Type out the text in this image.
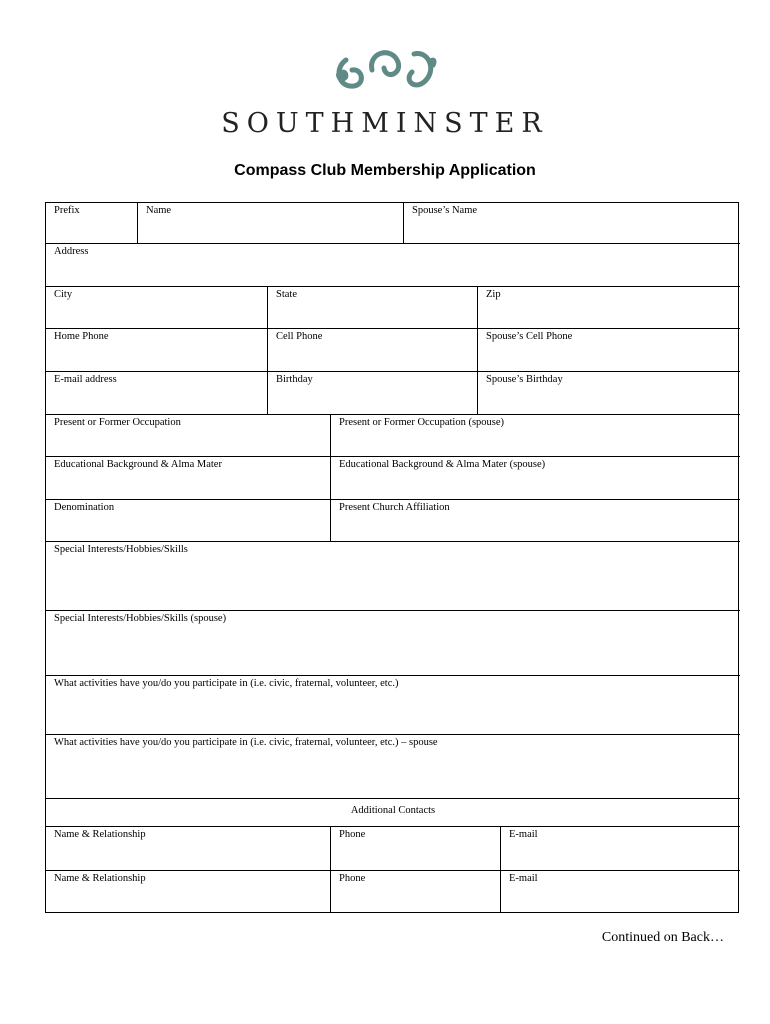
SOUTHMINSTER
Compass Club Membership Application
Prefix	Name	Spouse’s Name
Address
City	State	Zip
Home Phone	Cell Phone	Spouse’s Cell Phone
E-mail address	Birthday	Spouse’s Birthday
Present or Former Occupation	Present or Former Occupation (spouse)
Educational Background & Alma Mater	Educational Background & Alma Mater (spouse)
Denomination	Present Church Affiliation
Special Interests/Hobbies/Skills
Special Interests/Hobbies/Skills (spouse)
What activities have you/do you participate in (i.e. civic, fraternal, volunteer, etc.)
What activities have you/do you participate in (i.e. civic, fraternal, volunteer, etc.) – spouse
Additional Contacts
Name & Relationship	Phone	E-mail
Name & Relationship	Phone	E-mail
Continued on Back…
